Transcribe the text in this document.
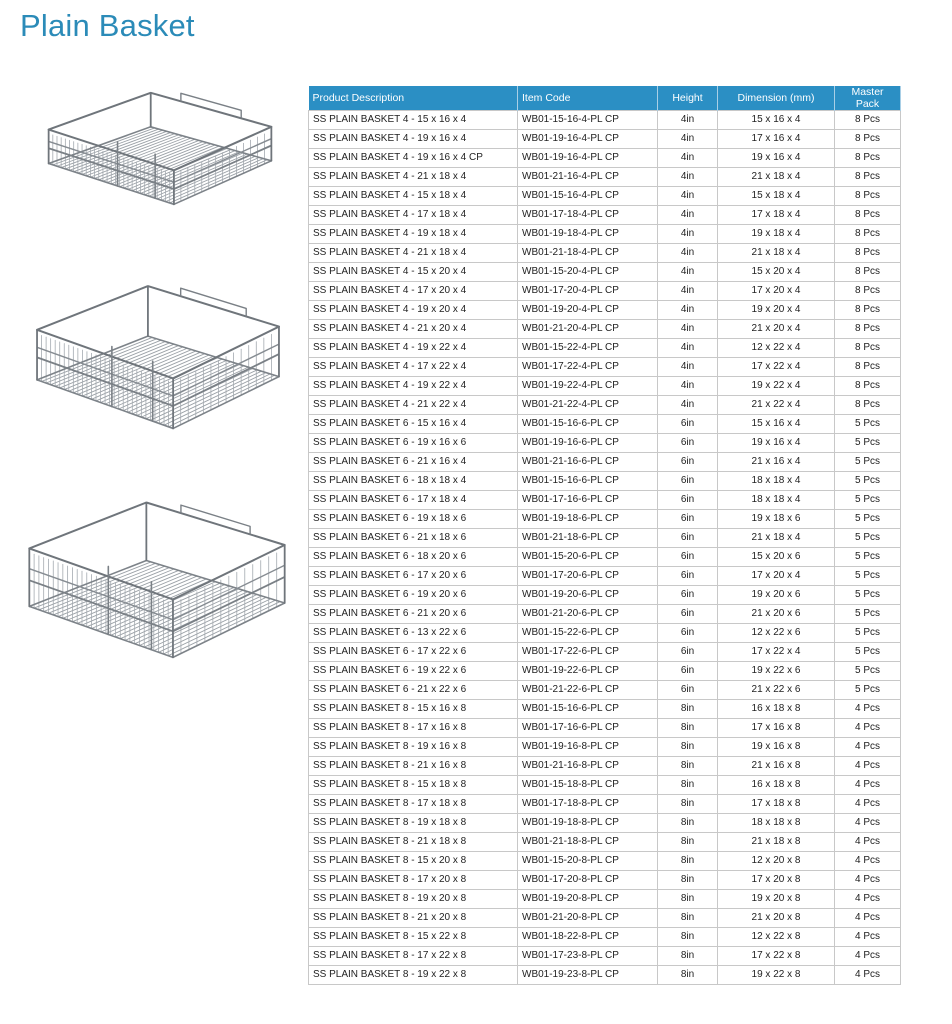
Plain Basket
Product Description	Item Code	Height	Dimension (mm)	Master Pack
SS PLAIN BASKET 4 - 15 x 16 x 4	WB01-15-16-4-PL CP	4in	15 x 16 x 4	8 Pcs
SS PLAIN BASKET 4 - 19 x 16 x 4	WB01-19-16-4-PL CP	4in	17 x 16 x 4	8 Pcs
SS PLAIN BASKET 4 - 19 x 16 x 4 CP	WB01-19-16-4-PL CP	4in	19 x 16 x 4	8 Pcs
SS PLAIN BASKET 4 - 21 x 18 x 4	WB01-21-16-4-PL CP	4in	21 x 18 x 4	8 Pcs
SS PLAIN BASKET 4 - 15 x 18 x 4	WB01-15-16-4-PL CP	4in	15 x 18 x 4	8 Pcs
SS PLAIN BASKET 4 - 17 x 18 x 4	WB01-17-18-4-PL CP	4in	17 x 18 x 4	8 Pcs
SS PLAIN BASKET 4 - 19 x 18 x 4	WB01-19-18-4-PL CP	4in	19 x 18 x 4	8 Pcs
SS PLAIN BASKET 4 - 21 x 18 x 4	WB01-21-18-4-PL CP	4in	21 x 18 x 4	8 Pcs
SS PLAIN BASKET 4 - 15 x 20 x 4	WB01-15-20-4-PL CP	4in	15 x 20 x 4	8 Pcs
SS PLAIN BASKET 4 - 17 x 20 x 4	WB01-17-20-4-PL CP	4in	17 x 20 x 4	8 Pcs
SS PLAIN BASKET 4 - 19 x 20 x 4	WB01-19-20-4-PL CP	4in	19 x 20 x 4	8 Pcs
SS PLAIN BASKET 4 - 21 x 20 x 4	WB01-21-20-4-PL CP	4in	21 x 20 x 4	8 Pcs
SS PLAIN BASKET 4 - 19 x 22 x 4	WB01-15-22-4-PL CP	4in	12 x 22 x 4	8 Pcs
SS PLAIN BASKET 4 - 17 x 22 x 4	WB01-17-22-4-PL CP	4in	17 x 22 x 4	8 Pcs
SS PLAIN BASKET 4 - 19 x 22 x 4	WB01-19-22-4-PL CP	4in	19 x 22 x 4	8 Pcs
SS PLAIN BASKET 4 - 21 x 22 x 4	WB01-21-22-4-PL CP	4in	21 x 22 x 4	8 Pcs
SS PLAIN BASKET 6 - 15 x 16 x 4	WB01-15-16-6-PL CP	6in	15 x 16 x 4	5 Pcs
SS PLAIN BASKET 6 - 19 x 16 x 6	WB01-19-16-6-PL CP	6in	19 x 16 x 4	5 Pcs
SS PLAIN BASKET 6 - 21 x 16 x 4	WB01-21-16-6-PL CP	6in	21 x 16 x 4	5 Pcs
SS PLAIN BASKET 6 - 18 x 18 x 4	WB01-15-16-6-PL CP	6in	18 x 18 x 4	5 Pcs
SS PLAIN BASKET 6 - 17 x 18 x 4	WB01-17-16-6-PL CP	6in	18 x 18 x 4	5 Pcs
SS PLAIN BASKET 6 - 19 x 18 x 6	WB01-19-18-6-PL CP	6in	19 x 18 x 6	5 Pcs
SS PLAIN BASKET 6 - 21 x 18 x 6	WB01-21-18-6-PL CP	6in	21 x 18 x 4	5 Pcs
SS PLAIN BASKET 6 - 18 x 20 x 6	WB01-15-20-6-PL CP	6in	15 x 20 x 6	5 Pcs
SS PLAIN BASKET 6 - 17 x 20 x 6	WB01-17-20-6-PL CP	6in	17 x 20 x 4	5 Pcs
SS PLAIN BASKET 6 - 19 x 20 x 6	WB01-19-20-6-PL CP	6in	19 x 20 x 6	5 Pcs
SS PLAIN BASKET 6 - 21 x 20 x 6	WB01-21-20-6-PL CP	6in	21 x 20 x 6	5 Pcs
SS PLAIN BASKET 6 - 13 x 22 x 6	WB01-15-22-6-PL CP	6in	12 x 22 x 6	5 Pcs
SS PLAIN BASKET 6 - 17 x 22 x 6	WB01-17-22-6-PL CP	6in	17 x 22 x 4	5 Pcs
SS PLAIN BASKET 6 - 19 x 22 x 6	WB01-19-22-6-PL CP	6in	19 x 22 x 6	5 Pcs
SS PLAIN BASKET 6 - 21 x 22 x 6	WB01-21-22-6-PL CP	6in	21 x 22 x 6	5 Pcs
SS PLAIN BASKET 8 - 15 x 16 x 8	WB01-15-16-6-PL CP	8in	16 x 18 x 8	4 Pcs
SS PLAIN BASKET 8 - 17 x 16 x 8	WB01-17-16-6-PL CP	8in	17 x 16 x 8	4 Pcs
SS PLAIN BASKET 8 - 19 x 16 x 8	WB01-19-16-8-PL CP	8in	19 x 16 x 8	4 Pcs
SS PLAIN BASKET 8 - 21 x 16 x 8	WB01-21-16-8-PL CP	8in	21 x 16 x 8	4 Pcs
SS PLAIN BASKET 8 - 15 x 18 x 8	WB01-15-18-8-PL CP	8in	16 x 18 x 8	4 Pcs
SS PLAIN BASKET 8 - 17 x 18 x 8	WB01-17-18-8-PL CP	8in	17 x 18 x 8	4 Pcs
SS PLAIN BASKET 8 - 19 x 18 x 8	WB01-19-18-8-PL CP	8in	18 x 18 x 8	4 Pcs
SS PLAIN BASKET 8 - 21 x 18 x 8	WB01-21-18-8-PL CP	8in	21 x 18 x 8	4 Pcs
SS PLAIN BASKET 8 - 15 x 20 x 8	WB01-15-20-8-PL CP	8in	12 x 20 x 8	4 Pcs
SS PLAIN BASKET 8 - 17 x 20 x 8	WB01-17-20-8-PL CP	8in	17 x 20 x 8	4 Pcs
SS PLAIN BASKET 8 - 19 x 20 x 8	WB01-19-20-8-PL CP	8in	19 x 20 x 8	4 Pcs
SS PLAIN BASKET 8 - 21 x 20 x 8	WB01-21-20-8-PL CP	8in	21 x 20 x 8	4 Pcs
SS PLAIN BASKET 8 - 15 x 22 x 8	WB01-18-22-8-PL CP	8in	12 x 22 x 8	4 Pcs
SS PLAIN BASKET 8 - 17 x 22 x 8	WB01-17-23-8-PL CP	8in	17 x 22 x 8	4 Pcs
SS PLAIN BASKET 8 - 19 x 22 x 8	WB01-19-23-8-PL CP	8in	19 x 22 x 8	4 Pcs
